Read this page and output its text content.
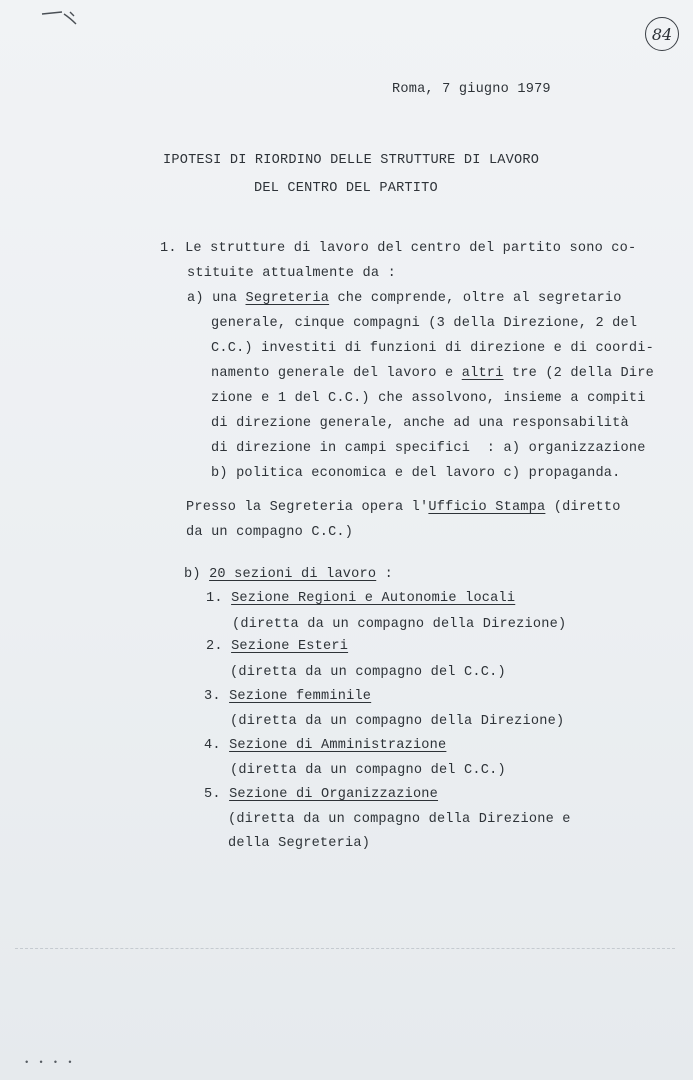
84
Roma, 7 giugno 1979
IPOTESI DI RIORDINO DELLE STRUTTURE DI LAVORO
DEL CENTRO DEL PARTITO
1. Le strutture di lavoro del centro del partito sono co-
stituite attualmente da :
a) una Segreteria che comprende, oltre al segretario
generale, cinque compagni (3 della Direzione, 2 del
C.C.) investiti di funzioni di direzione e di coordi-
namento generale del lavoro e altri tre (2 della Dire
zione e 1 del C.C.) che assolvono, insieme a compiti
di direzione generale, anche ad una responsabilità
di direzione in campi specifici  : a) organizzazione
b) politica economica e del lavoro c) propaganda.
Presso la Segreteria opera l'Ufficio Stampa (diretto
da un compagno C.C.)
b) 20 sezioni di lavoro :
1. Sezione Regioni e Autonomie locali
(diretta da un compagno della Direzione)
2. Sezione Esteri
(diretta da un compagno del C.C.)
3. Sezione femminile
(diretta da un compagno della Direzione)
4. Sezione di Amministrazione
(diretta da un compagno del C.C.)
5. Sezione di Organizzazione
(diretta da un compagno della Direzione e
della Segreteria)
••••
